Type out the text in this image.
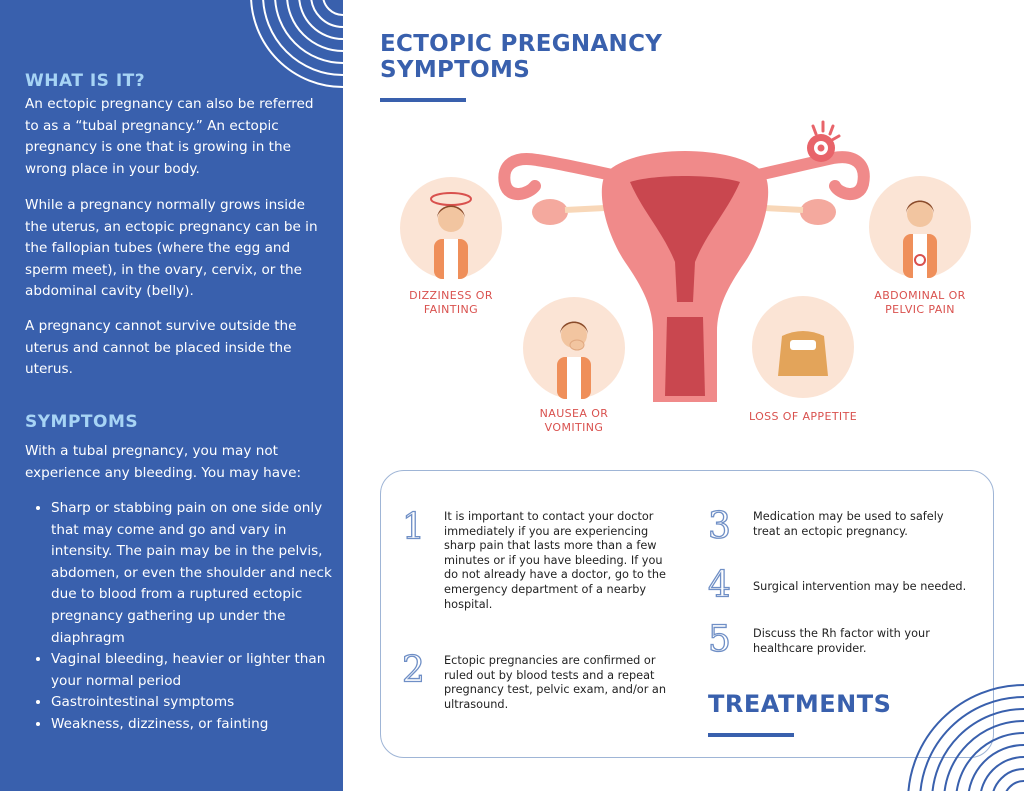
WHAT IS IT?

An ectopic pregnancy can also be referred to as a “tubal pregnancy.” An ectopic pregnancy is one that is growing in the wrong place in your body.

While a pregnancy normally grows inside the uterus, an ectopic pregnancy can be in the fallopian tubes (where the egg and sperm meet), in the ovary, cervix, or the abdominal cavity (belly).

A pregnancy cannot survive outside the uterus and cannot be placed inside the uterus.

SYMPTOMS

With a tubal pregnancy, you may not experience any bleeding. You may have:

• Sharp or stabbing pain on one side only that may come and go and vary in intensity. The pain may be in the pelvis, abdomen, or even the shoulder and neck due to blood from a ruptured ectopic pregnancy gathering up under the diaphragm
• Vaginal bleeding, heavier or lighter than your normal period
• Gastrointestinal symptoms
• Weakness, dizziness, or fainting
ECTOPIC PREGNANCY SYMPTOMS
DIZZINESS OR FAINTING
ABDOMINAL OR PELVIC PAIN
NAUSEA OR VOMITING
LOSS OF APPETITE
1 It is important to contact your doctor immediately if you are experiencing sharp pain that lasts more than a few minutes or if you have bleeding. If you do not already have a doctor, go to the emergency department of a nearby hospital.

2 Ectopic pregnancies are confirmed or ruled out by blood tests and a repeat pregnancy test, pelvic exam, and/or an ultrasound.

3 Medication may be used to safely treat an ectopic pregnancy.

4 Surgical intervention may be needed.

5 Discuss the Rh factor with your healthcare provider.

TREATMENTS
